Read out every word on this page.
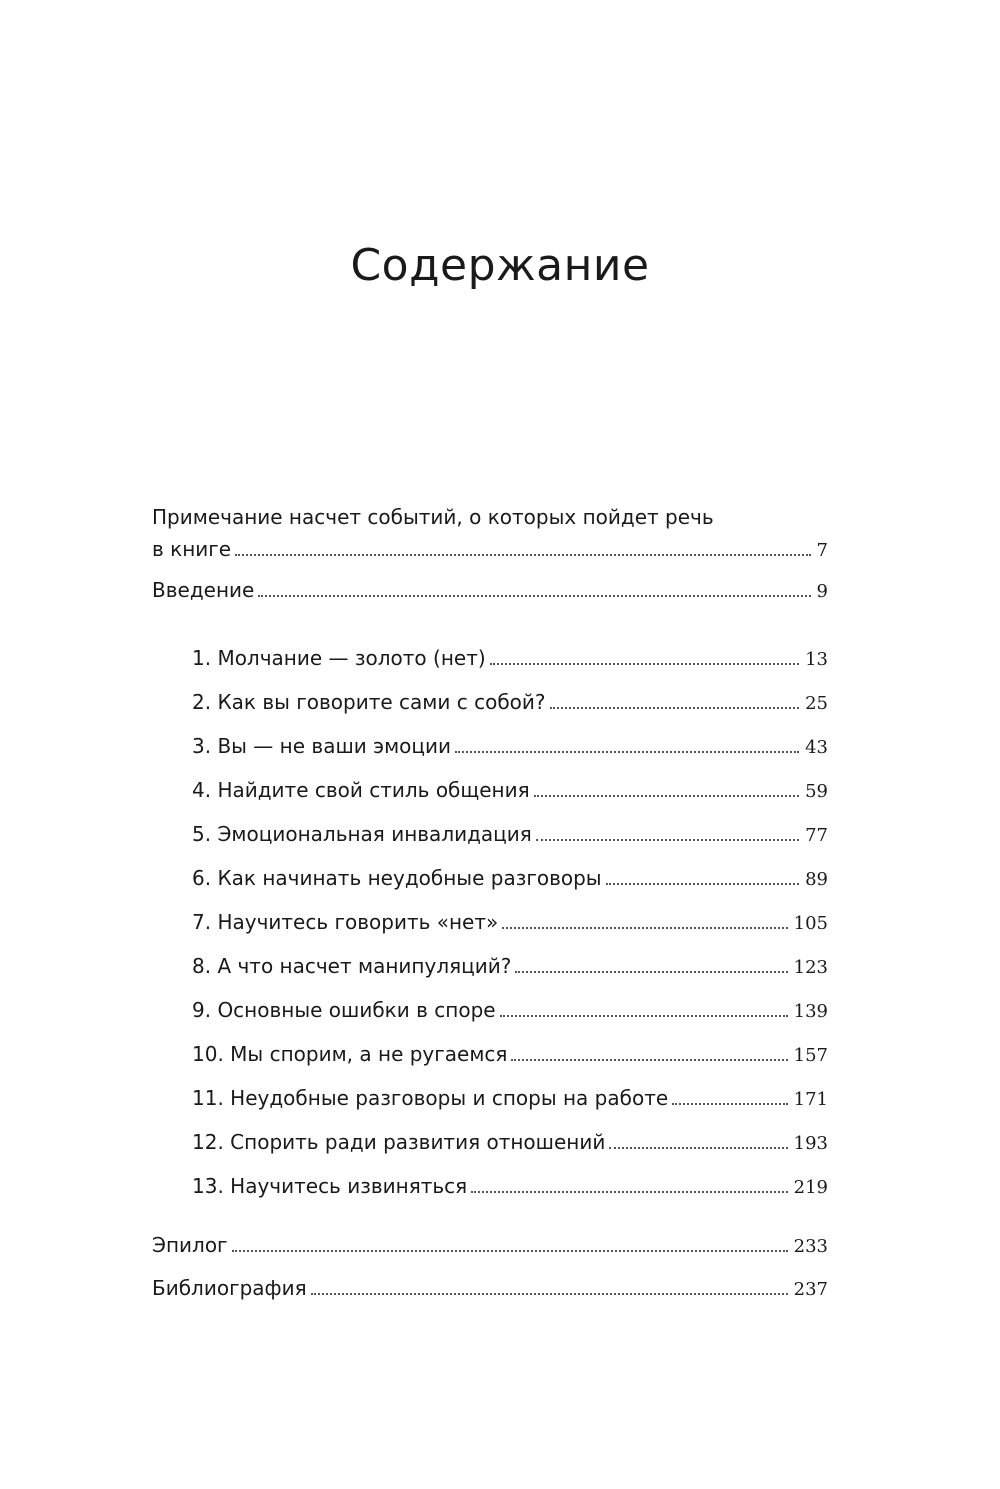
Содержание
Примечание насчет событий, о которых пойдет речь
в книге	7
Введение	9
1. Молчание — золото (нет)	13
2. Как вы говорите сами с собой?	25
3. Вы — не ваши эмоции	43
4. Найдите свой стиль общения	59
5. Эмоциональная инвалидация	77
6. Как начинать неудобные разговоры	89
7. Научитесь говорить «нет»	105
8. А что насчет манипуляций?	123
9. Основные ошибки в споре	139
10. Мы спорим, а не ругаемся	157
11. Неудобные разговоры и споры на работе	171
12. Спорить ради развития отношений	193
13. Научитесь извиняться	219
Эпилог	233
Библиография	237
